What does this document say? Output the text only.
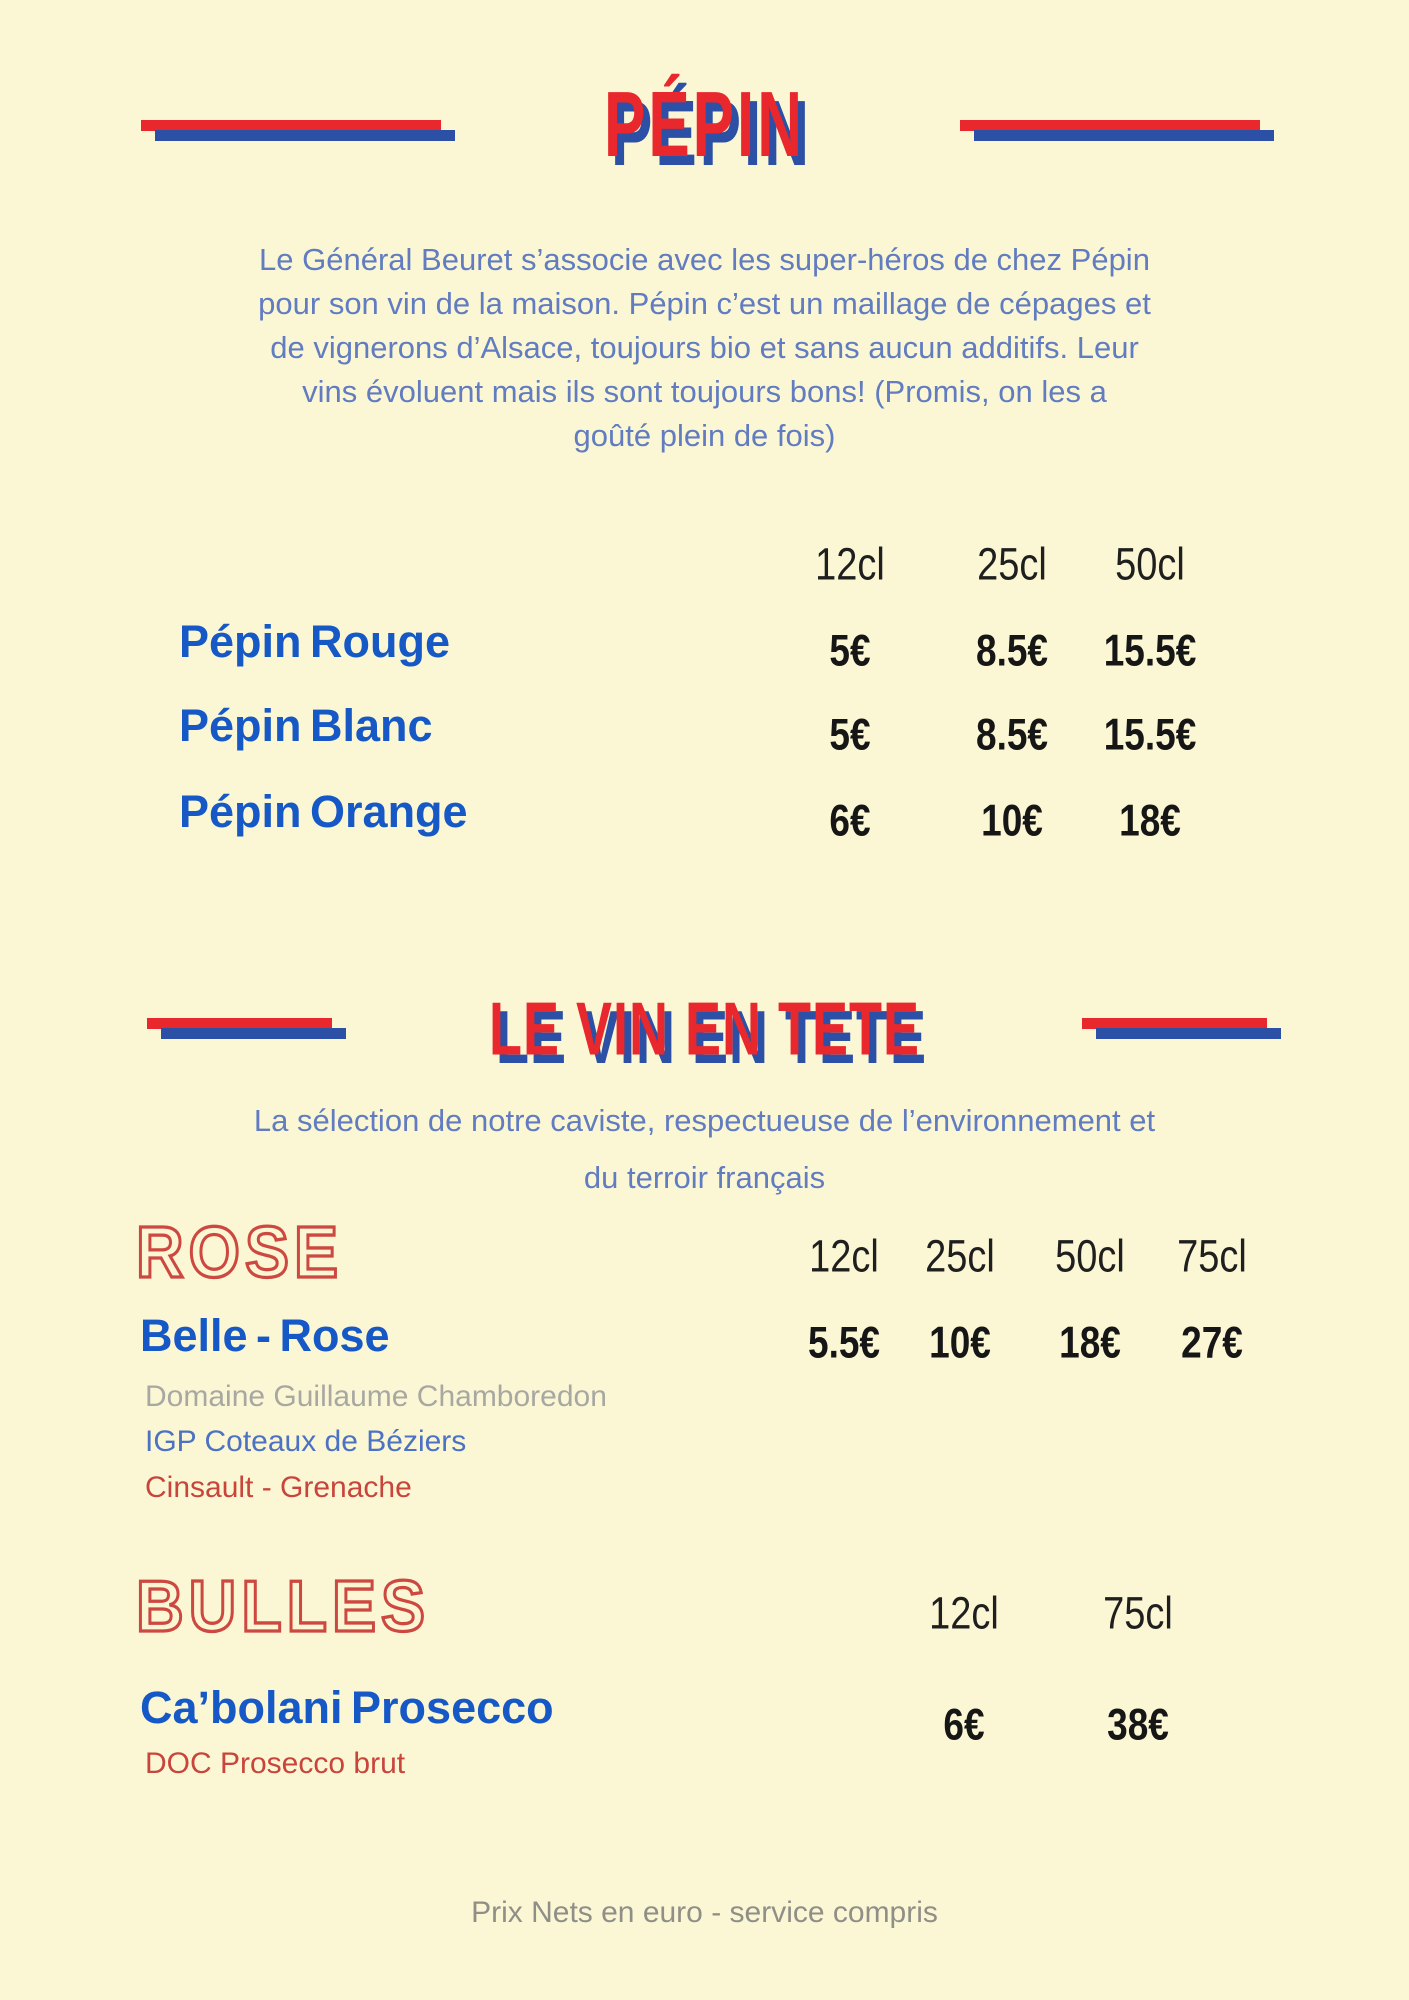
PÉPIN
Le Général Beuret s’associe avec les super-héros de chez Pépin
pour son vin de la maison. Pépin c’est un maillage de cépages et
de vignerons d’Alsace, toujours bio et sans aucun additifs. Leur
vins évoluent mais ils sont toujours bons! (Promis, on les a
goûté plein de fois)
12cl 25cl 50cl
Pépin Rouge	5€	8.5€ 15.5€
Pépin Blanc	5€	8.5€ 15.5€
Pépin Orange	6€	10€ 18€
LE VIN EN TETE
La sélection de notre caviste, respectueuse de l’environnement et
du terroir français
ROSE	12cl 25cl 50cl 75cl
Belle - Rose	5.5€ 10€ 18€ 27€

Domaine Guillaume Chamboredon

IGP Coteaux de Béziers

Cinsault - Grenache

BULLES	12cl	75cl
Ca’bolani Prosecco	6€	38€

DOC Prosecco brut

Prix Nets en euro - service compris
